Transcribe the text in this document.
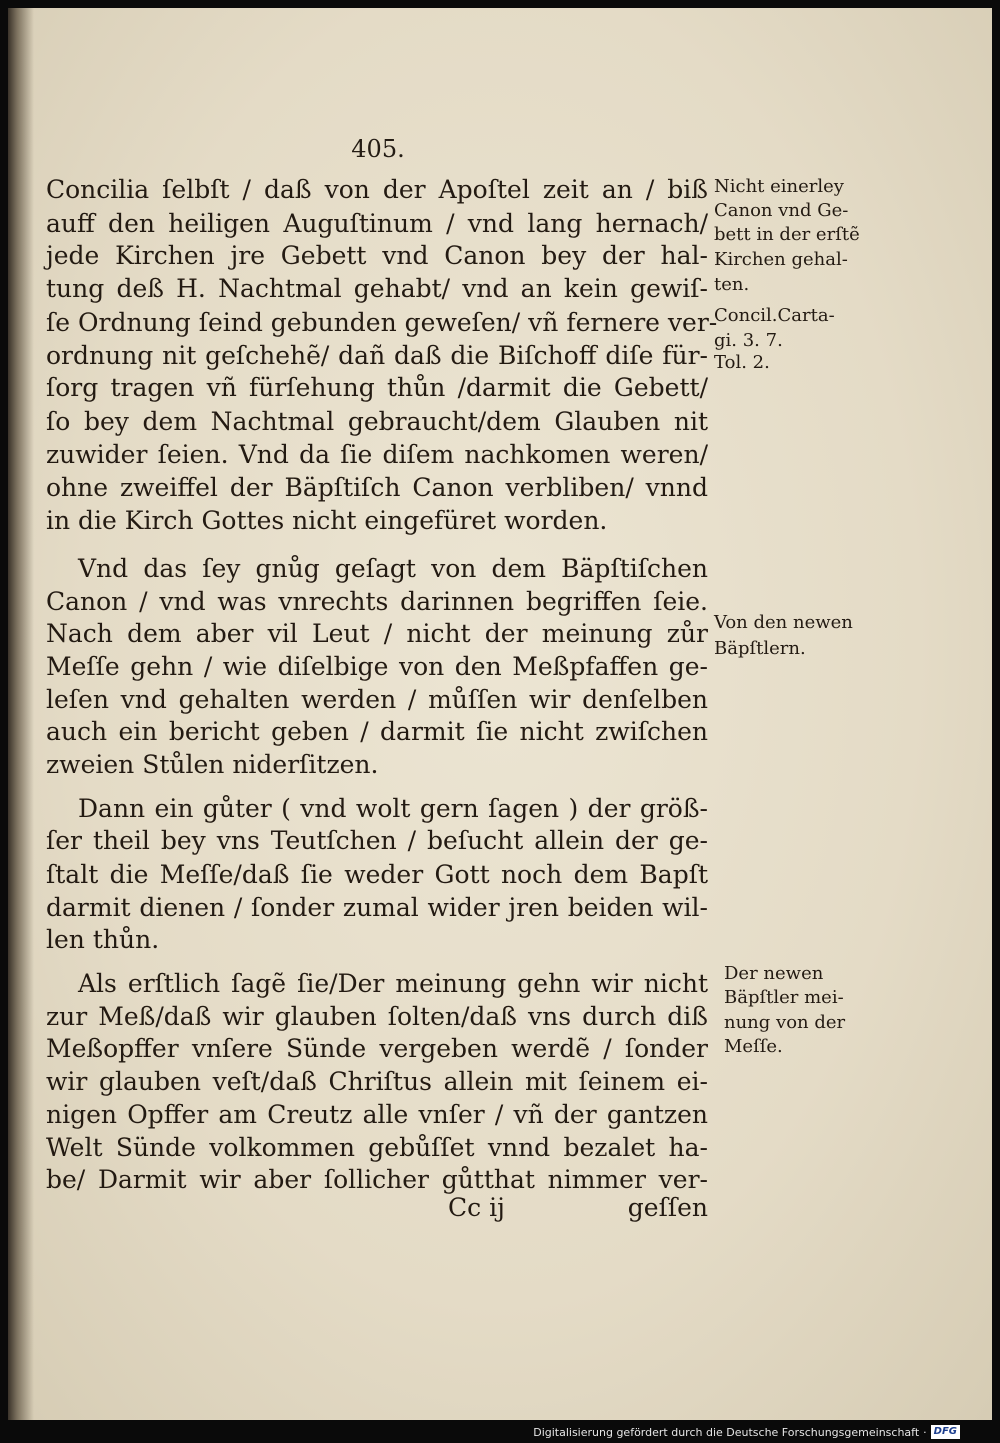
405.
Concilia ſelbſt / daß von der Apoſtel zeit an / biß
auff den heiligen Auguſtinum / vnd lang hernach/
jede Kirchen jre Gebett vnd Canon bey der hal-
tung deß H. Nachtmal gehabt/ vnd an kein gewiſ-
ſe Ordnung ſeind gebunden geweſen/ vñ fernere ver-
ordnung nit geſchehẽ/ dañ daß die Biſchoff diſe für-
ſorg tragen vñ fürſehung thůn /darmit die Gebett/
ſo bey dem Nachtmal gebraucht/dem Glauben nit
zuwider ſeien. Vnd da ſie diſem nachkomen weren/
ohne zweiffel der Bäpſtiſch Canon verbliben/ vnnd
in die Kirch Gottes nicht eingefüret worden.
Vnd das ſey gnůg geſagt von dem Bäpſtiſchen
Canon / vnd was vnrechts darinnen begriffen ſeie.
Nach dem aber vil Leut / nicht der meinung zůr
Meſſe gehn / wie diſelbige von den Meßpfaffen ge-
leſen vnd gehalten werden / můſſen wir denſelben
auch ein bericht geben / darmit ſie nicht zwiſchen
zweien Stůlen niderſitzen.
Dann ein gůter ( vnd wolt gern ſagen ) der größ-
ſer theil bey vns Teutſchen / beſucht allein der ge-
ſtalt die Meſſe/daß ſie weder Gott noch dem Bapſt
darmit dienen / ſonder zumal wider jren beiden wil-
len thůn.
Als erſtlich ſagẽ ſie/Der meinung gehn wir nicht
zur Meß/daß wir glauben ſolten/daß vns durch diß
Meßopffer vnſere Sünde vergeben werdẽ / ſonder
wir glauben veſt/daß Chriſtus allein mit ſeinem ei-
nigen Opffer am Creutz alle vnſer / vñ der gantzen
Welt Sünde volkommen gebůſſet vnnd bezalet ha-
be/ Darmit wir aber ſollicher gůtthat nimmer ver-
Nicht einerley
Canon vnd Ge-
bett in der erſtẽ
Kirchen gehal-
ten.
Concil.Carta-
gi. 3. 7.
Tol. 2.
Von den newen
Bäpſtlern.
Der newen
Bäpſtler mei-
nung von der
Meſſe.
Cc ij	geſſen
Digitalisierung gefördert durch die Deutsche Forschungsgemeinschaft · DFG
